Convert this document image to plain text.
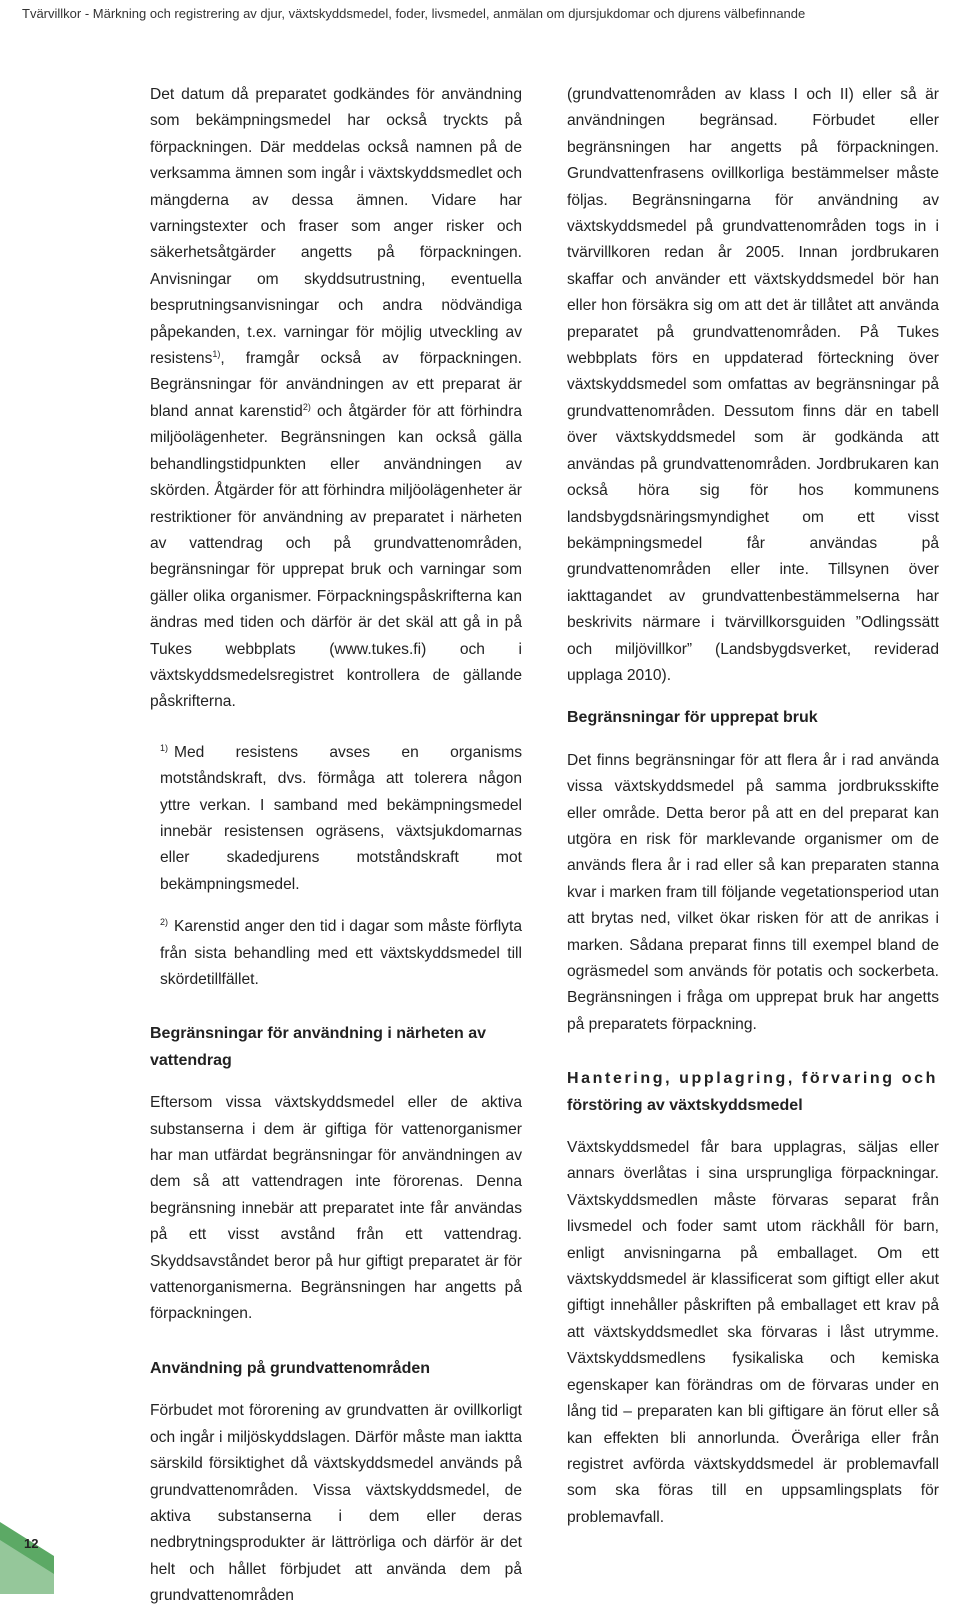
Tvärvillkor - Märkning och registrering av djur, växtskyddsmedel, foder, livsmedel, anmälan om djursjukdomar och djurens välbefinnande

Det datum då preparatet godkändes för användning som bekämpningsmedel har också tryckts på förpackningen. Där meddelas också namnen på de verksamma ämnen som ingår i växtskyddsmedlet och mängderna av dessa ämnen. Vidare har varningstexter och fraser som anger risker och säkerhetsåtgärder angetts på förpackningen. Anvisningar om skyddsutrustning, eventuella besprutningsanvisningar och andra nödvändiga påpekanden, t.ex. varningar för möjlig utveckling av resistens$^{1)}$, framgår också av förpackningen. Begränsningar för användningen av ett preparat är bland annat karenstid$^{2)}$ och åtgärder för att förhindra miljöolägenheter. Begränsningen kan också gälla behandlingstidpunkten eller användningen av skörden. Åtgärder för att förhindra miljöolägenheter är restriktioner för användning av preparatet i närheten av vattendrag och på grundvattenområden, begränsningar för upprepat bruk och varningar som gäller olika organismer. Förpackningspåskrifterna kan ändras med tiden och därför är det skäl att gå in på Tukes webbplats (www.tukes.fi) och i växtskyddsmedelsregistret kontrollera de gällande påskrifterna.

$^{1)}$ Med resistens avses en organisms motståndskraft, dvs. förmåga att tolerera någon yttre verkan. I samband med bekämpningsmedel innebär resistensen ogräsens, växtsjukdomarnas eller skadedjurens motståndskraft mot bekämpningsmedel.

$^{2)}$ Karenstid anger den tid i dagar som måste förflyta från sista behandling med ett växtskyddsmedel till skördetillfället.

Begränsningar för användning i närheten av vattendrag

Eftersom vissa växtskyddsmedel eller de aktiva substanserna i dem är giftiga för vattenorganismer har man utfärdat begränsningar för användningen av dem så att vattendragen inte förorenas. Denna begränsning innebär att preparatet inte får användas på ett visst avstånd från ett vattendrag. Skyddsavståndet beror på hur giftigt preparatet är för vattenorganismerna. Begränsningen har angetts på förpackningen.

Användning på grundvattenområden

Förbudet mot förorening av grundvatten är ovillkorligt och ingår i miljöskyddslagen. Därför måste man iaktta särskild försiktighet då växtskyddsmedel används på grundvattenområden. Vissa växtskyddsmedel, de aktiva substanserna i dem eller deras nedbrytningsprodukter är lättrörliga och därför är det helt och hållet förbjudet att använda dem på grundvattenområden

(grundvattenområden av klass I och II) eller så är användningen begränsad. Förbudet eller begränsningen har angetts på förpackningen. Grundvattenfrasens ovillkorliga bestämmelser måste följas. Begränsningarna för användning av växtskyddsmedel på grundvattenområden togs in i tvärvillkoren redan år 2005. Innan jordbrukaren skaffar och använder ett växtskyddsmedel bör han eller hon försäkra sig om att det är tillåtet att använda preparatet på grundvattenområden. På Tukes webbplats förs en uppdaterad förteckning över växtskyddsmedel som omfattas av begränsningar på grundvattenområden. Dessutom finns där en tabell över växtskyddsmedel som är godkända att användas på grundvattenområden. Jordbrukaren kan också höra sig för hos kommunens landsbygdsnäringsmyndighet om ett visst bekämpningsmedel får användas på grundvattenområden eller inte. Tillsynen över iakttagandet av grundvattenbestämmelserna har beskrivits närmare i tvärvillkorsguiden ”Odlingssätt och miljövillkor” (Landsbygdsverket, reviderad upplaga 2010).

Begränsningar för upprepat bruk

Det finns begränsningar för att flera år i rad använda vissa växtskyddsmedel på samma jordbruksskifte eller område. Detta beror på att en del preparat kan utgöra en risk för marklevande organismer om de används flera år i rad eller så kan preparaten stanna kvar i marken fram till följande vegetationsperiod utan att brytas ned, vilket ökar risken för att de anrikas i marken. Sådana preparat finns till exempel bland de ogräsmedel som används för potatis och sockerbeta. Begränsningen i fråga om upprepat bruk har angetts på preparatets förpackning.

Hantering, upplagring, förvaring och
förstöring av växtskyddsmedel

Växtskyddsmedel får bara upplagras, säljas eller annars överlåtas i sina ursprungliga förpackningar. Växtskyddsmedlen måste förvaras separat från livsmedel och foder samt utom räckhåll för barn, enligt anvisningarna på emballaget. Om ett växtskyddsmedel är klassificerat som giftigt eller akut giftigt innehåller påskriften på emballaget ett krav på att växtskyddsmedlet ska förvaras i låst utrymme. Växtskyddsmedlens fysikaliska och kemiska egenskaper kan förändras om de förvaras under en lång tid – preparaten kan bli giftigare än förut eller så kan effekten bli annorlunda. Överåriga eller från registret avförda växtskyddsmedel är problemavfall som ska föras till en uppsamlingsplats för problemavfall.

12
